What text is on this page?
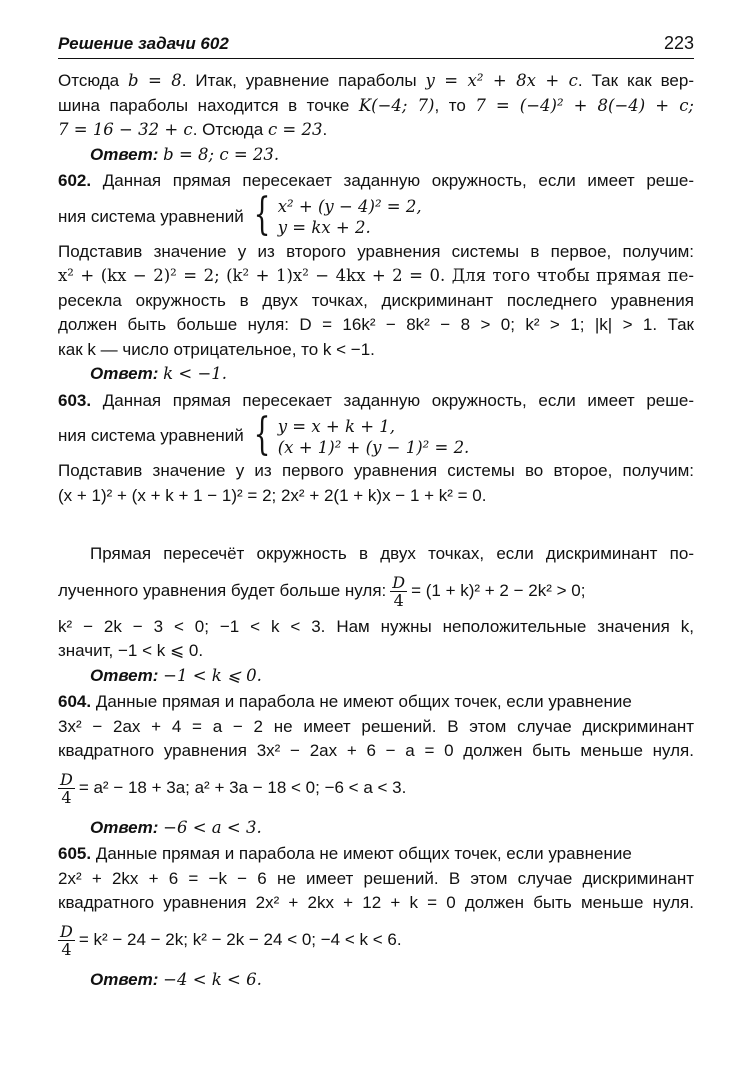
Решение задачи 602	223
Отсюда b = 8. Итак, уравнение параболы y = x² + 8x + c. Так как вер-
шина параболы находится в точке K(−4; 7), то 7 = (−4)² + 8(−4) + c;
7 = 16 − 32 + c. Отсюда c = 23.
Ответ: b = 8; c = 23.
602. Данная прямая пересекает заданную окружность, если имеет реше-
ния система уравнений { x² + (y − 4)² = 2,
y = kx + 2.
Подставив значение y из второго уравнения системы в первое, получим:
x² + (kx − 2)² = 2; (k² + 1)x² − 4kx + 2 = 0. Для того чтобы прямая пе-
ресекла окружность в двух точках, дискриминант последнего уравнения
должен быть больше нуля: D = 16k² − 8k² − 8 > 0; k² > 1; |k| > 1. Так
как k — число отрицательное, то k < −1.
Ответ: k < −1.
603. Данная прямая пересекает заданную окружность, если имеет реше-
ния система уравнений { y = x + k + 1,
(x + 1)² + (y − 1)² = 2.
Подставив значение y из первого уравнения системы во второе, получим:
(x + 1)² + (x + k + 1 − 1)² = 2; 2x² + 2(1 + k)x − 1 + k² = 0.
Прямая пересечёт окружность в двух точках, если дискриминант по-
лученного уравнения будет больше нуля: $\frac{D}{4} = (1 + k)^2 + 2 - 2k^2 > 0$;
k² − 2k − 3 < 0; −1 < k < 3. Нам нужны неположительные значения k,
значит, −1 < k ⩽ 0.
Ответ: −1 < k ⩽ 0.
604. Данные прямая и парабола не имеют общих точек, если уравнение
3x² − 2ax + 4 = a − 2 не имеет решений. В этом случае дискриминант
квадратного уравнения 3x² − 2ax + 6 − a = 0 должен быть меньше нуля.
$\frac{D}{4} = a^2 - 18 + 3a$; a² + 3a − 18 < 0; −6 < a < 3.
Ответ: −6 < a < 3.
605. Данные прямая и парабола не имеют общих точек, если уравнение
2x² + 2kx + 6 = −k − 6 не имеет решений. В этом случае дискриминант
квадратного уравнения 2x² + 2kx + 12 + k = 0 должен быть меньше нуля.
$\frac{D}{4} = k^2 - 24 - 2k$; k² − 2k − 24 < 0; −4 < k < 6.
Ответ: −4 < k < 6.
